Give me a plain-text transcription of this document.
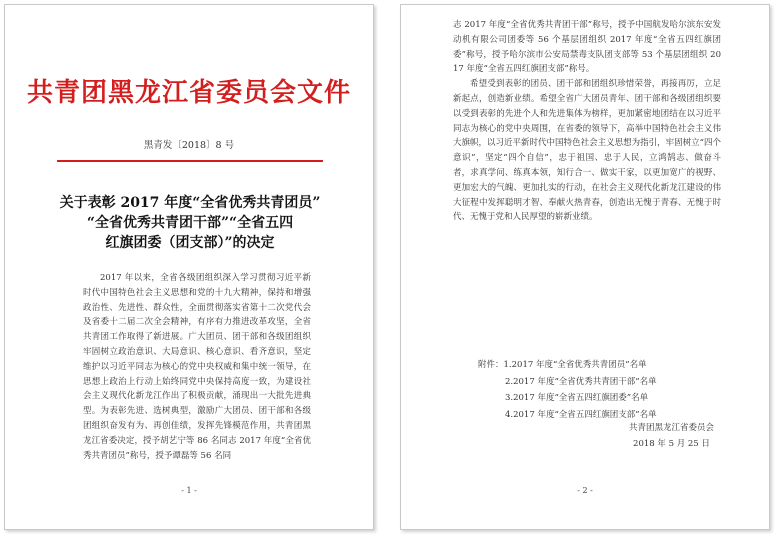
共青团黑龙江省委员会文件
黑青发〔2018〕8 号
关于表彰 2017 年度“全省优秀共青团员”
“全省优秀共青团干部”“全省五四
红旗团委（团支部）”的决定

2017 年以来，全省各级团组织深入学习贯彻习近平新时代中国特色社会主义思想和党的十九大精神，保持和增强政治性、先进性、群众性，全面贯彻落实省第十二次党代会及省委十二届二次全会精神，有序有力推进改革攻坚，全省共青团工作取得了新进展。广大团员、团干部和各级团组织牢固树立政治意识、大局意识、核心意识、看齐意识，坚定维护以习近平同志为核心的党中央权威和集中统一领导，在思想上政治上行动上始终同党中央保持高度一致，为建设社会主义现代化新龙江作出了积极贡献，涌现出一大批先进典型。为表彰先进、选树典型，激励广大团员、团干部和各级团组织奋发有为、再创佳绩，发挥先锋模范作用，共青团黑龙江省委决定，授予胡艺宁等 86 名同志 2017 年度“全省优秀共青团员”称号，授予谭磊等 56 名同

- 1 -

志 2017 年度“全省优秀共青团干部”称号，授予中国航发哈尔滨东安发动机有限公司团委等 56 个基层团组织 2017 年度“全省五四红旗团委”称号，授予哈尔滨市公安局禁毒支队团支部等 53 个基层团组织 2017 年度“全省五四红旗团支部”称号。

希望受到表彰的团员、团干部和团组织珍惜荣誉，再接再厉，立足新起点，创造新业绩。希望全省广大团员青年、团干部和各级团组织要以受到表彰的先进个人和先进集体为榜样，更加紧密地团结在以习近平同志为核心的党中央周围，在省委的领导下，高举中国特色社会主义伟大旗帜，以习近平新时代中国特色社会主义思想为指引，牢固树立“四个意识”，坚定“四个自信”，忠于祖国、忠于人民，立鸿鹄志、做奋斗者，求真学问、练真本领，知行合一、做实干家，以更加宽广的视野、更加宏大的气魄、更加扎实的行动，在社会主义现代化新龙江建设的伟大征程中发挥聪明才智、奉献火热青春，创造出无愧于青春、无愧于时代、无愧于党和人民厚望的崭新业绩。

附件：1.2017 年度“全省优秀共青团员”名单
2.2017 年度“全省优秀共青团干部”名单
3.2017 年度“全省五四红旗团委”名单
4.2017 年度“全省五四红旗团支部”名单
共青团黑龙江省委员会
2018 年 5 月 25 日
- 2 -
